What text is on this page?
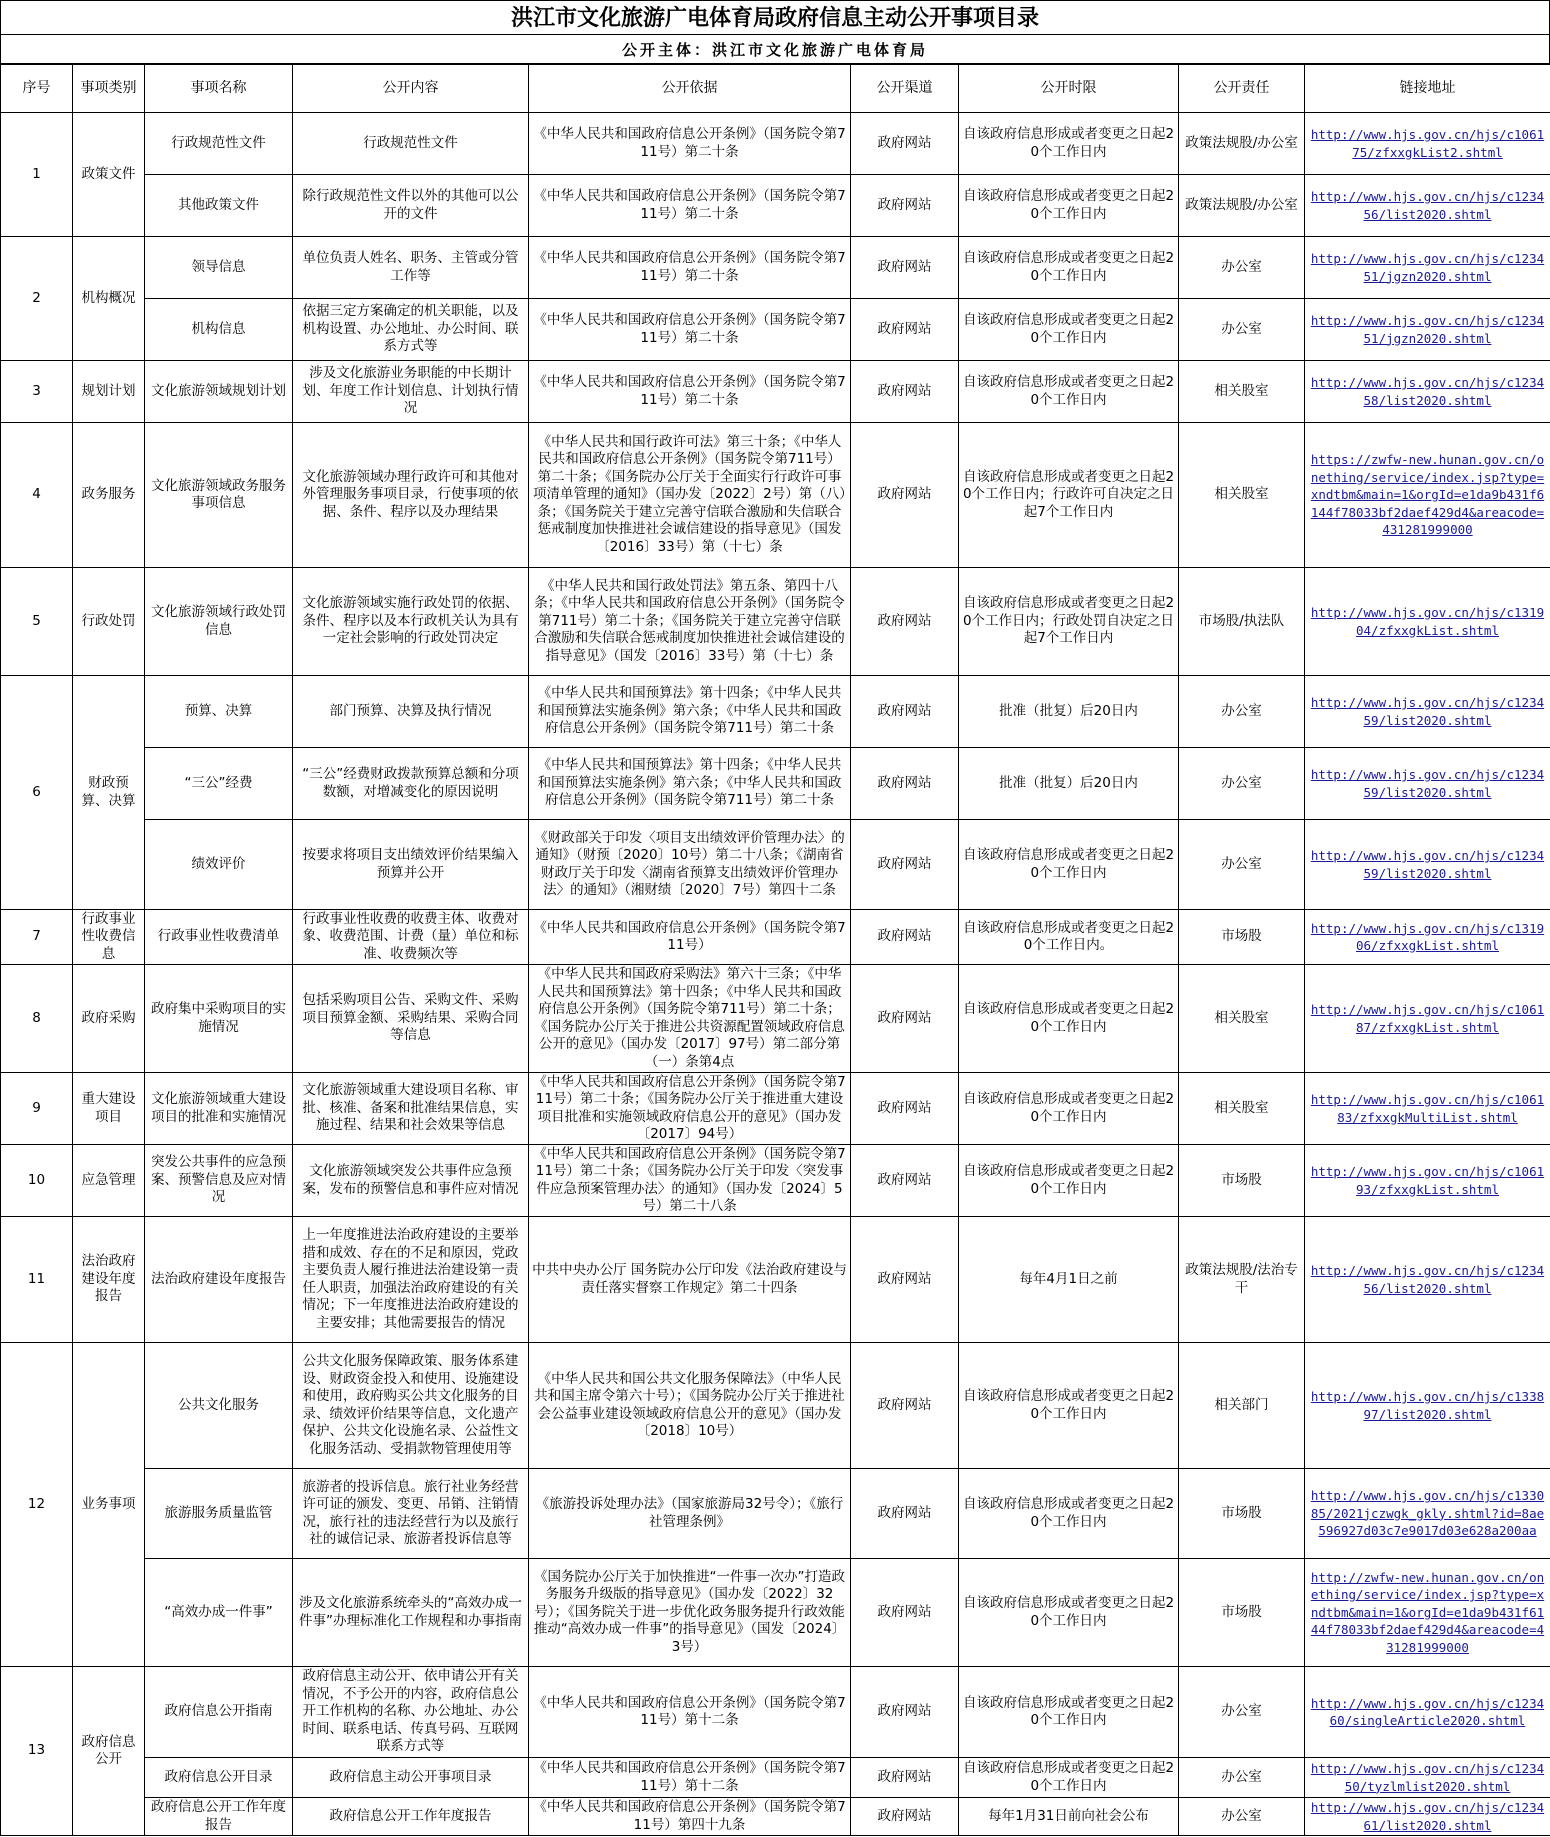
洪江市文化旅游广电体育局政府信息主动公开事项目录
公开主体：洪江市文化旅游广电体育局
序号	事项类别	事项名称	公开内容	公开依据	公开渠道	公开时限	公开责任	链接地址
1	政策文件	行政规范性文件	行政规范性文件	《中华人民共和国政府信息公开条例》（国务院令第711号）第二十条	政府网站	自该政府信息形成或者变更之日起20个工作日内	政策法规股/办公室	http://www.hjs.gov.cn/hjs/c106175/zfxxgkList2.shtml
		其他政策文件	除行政规范性文件以外的其他可以公开的文件	《中华人民共和国政府信息公开条例》（国务院令第711号）第二十条	政府网站	自该政府信息形成或者变更之日起20个工作日内	政策法规股/办公室	http://www.hjs.gov.cn/hjs/c123456/list2020.shtml
2	机构概况	领导信息	单位负责人姓名、职务、主管或分管工作等	《中华人民共和国政府信息公开条例》（国务院令第711号）第二十条	政府网站	自该政府信息形成或者变更之日起20个工作日内	办公室	http://www.hjs.gov.cn/hjs/c123451/jgzn2020.shtml
		机构信息	依据三定方案确定的机关职能，以及机构设置、办公地址、办公时间、联系方式等	《中华人民共和国政府信息公开条例》（国务院令第711号）第二十条	政府网站	自该政府信息形成或者变更之日起20个工作日内	办公室	http://www.hjs.gov.cn/hjs/c123451/jgzn2020.shtml
3	规划计划	文化旅游领域规划计划	涉及文化旅游业务职能的中长期计划、年度工作计划信息、计划执行情况	《中华人民共和国政府信息公开条例》（国务院令第711号）第二十条	政府网站	自该政府信息形成或者变更之日起20个工作日内	相关股室	http://www.hjs.gov.cn/hjs/c123458/list2020.shtml
4	政务服务	文化旅游领域政务服务事项信息	文化旅游领域办理行政许可和其他对外管理服务事项目录，行使事项的依据、条件、程序以及办理结果	《中华人民共和国行政许可法》第三十条；《中华人民共和国政府信息公开条例》（国务院令第711号）第二十条；《国务院办公厅关于全面实行行政许可事项清单管理的通知》（国办发〔2022〕2号）第（八）条；《国务院关于建立完善守信联合激励和失信联合惩戒制度加快推进社会诚信建设的指导意见》（国发〔2016〕33号）第（十七）条	政府网站	自该政府信息形成或者变更之日起20个工作日内；行政许可自决定之日起7个工作日内	相关股室	https://zwfw-new.hunan.gov.cn/onething/service/index.jsp?type=xndtbm&main=1&orgId=e1da9b431f6144f78033bf2daef429d4&areacode=431281999000
5	行政处罚	文化旅游领域行政处罚信息	文化旅游领域实施行政处罚的依据、条件、程序以及本行政机关认为具有一定社会影响的行政处罚决定	《中华人民共和国行政处罚法》第五条、第四十八条；《中华人民共和国政府信息公开条例》（国务院令第711号）第二十条；《国务院关于建立完善守信联合激励和失信联合惩戒制度加快推进社会诚信建设的指导意见》（国发〔2016〕33号）第（十七）条	政府网站	自该政府信息形成或者变更之日起20个工作日内；行政处罚自决定之日起7个工作日内	市场股/执法队	http://www.hjs.gov.cn/hjs/c131904/zfxxgkList.shtml
6	财政预算、决算	预算、决算	部门预算、决算及执行情况	《中华人民共和国预算法》第十四条；《中华人民共和国预算法实施条例》第六条；《中华人民共和国政府信息公开条例》（国务院令第711号）第二十条	政府网站	批准（批复）后20日内	办公室	http://www.hjs.gov.cn/hjs/c123459/list2020.shtml
		“三公”经费	“三公”经费财政拨款预算总额和分项数额，对增减变化的原因说明	《中华人民共和国预算法》第十四条；《中华人民共和国预算法实施条例》第六条；《中华人民共和国政府信息公开条例》（国务院令第711号）第二十条	政府网站	批准（批复）后20日内	办公室	http://www.hjs.gov.cn/hjs/c123459/list2020.shtml
		绩效评价	按要求将项目支出绩效评价结果编入预算并公开	《财政部关于印发〈项目支出绩效评价管理办法〉的通知》（财预〔2020〕10号）第二十八条；《湖南省财政厅关于印发〈湖南省预算支出绩效评价管理办法〉的通知》（湘财绩〔2020〕7号）第四十二条	政府网站	自该政府信息形成或者变更之日起20个工作日内	办公室	http://www.hjs.gov.cn/hjs/c123459/list2020.shtml
7	行政事业性收费信息	行政事业性收费清单	行政事业性收费的收费主体、收费对象、收费范围、计费（量）单位和标准、收费频次等	《中华人民共和国政府信息公开条例》（国务院令第711号）	政府网站	自该政府信息形成或者变更之日起20个工作日内。	市场股	http://www.hjs.gov.cn/hjs/c131906/zfxxgkList.shtml
8	政府采购	政府集中采购项目的实施情况	包括采购项目公告、采购文件、采购项目预算金额、采购结果、采购合同等信息	《中华人民共和国政府采购法》第六十三条；《中华人民共和国预算法》第十四条；《中华人民共和国政府信息公开条例》（国务院令第711号）第二十条；《国务院办公厅关于推进公共资源配置领域政府信息公开的意见》（国办发〔2017〕97号）第二部分第（一）条第4点	政府网站	自该政府信息形成或者变更之日起20个工作日内	相关股室	http://www.hjs.gov.cn/hjs/c106187/zfxxgkList.shtml
9	重大建设项目	文化旅游领域重大建设项目的批准和实施情况	文化旅游领域重大建设项目名称、审批、核准、备案和批准结果信息，实施过程、结果和社会效果等信息	《中华人民共和国政府信息公开条例》（国务院令第711号）第二十条；《国务院办公厅关于推进重大建设项目批准和实施领域政府信息公开的意见》（国办发〔2017〕94号）	政府网站	自该政府信息形成或者变更之日起20个工作日内	相关股室	http://www.hjs.gov.cn/hjs/c106183/zfxxgkMultiList.shtml
10	应急管理	突发公共事件的应急预案、预警信息及应对情况	文化旅游领域突发公共事件应急预案，发布的预警信息和事件应对情况	《中华人民共和国政府信息公开条例》（国务院令第711号）第二十条；《国务院办公厅关于印发〈突发事件应急预案管理办法〉的通知》（国办发〔2024〕5号）第二十八条	政府网站	自该政府信息形成或者变更之日起20个工作日内	市场股	http://www.hjs.gov.cn/hjs/c106193/zfxxgkList.shtml
11	法治政府建设年度报告	法治政府建设年度报告	上一年度推进法治政府建设的主要举措和成效、存在的不足和原因，党政主要负责人履行推进法治建设第一责任人职责，加强法治政府建设的有关情况；下一年度推进法治政府建设的主要安排；其他需要报告的情况	中共中央办公厅 国务院办公厅印发《法治政府建设与责任落实督察工作规定》第二十四条	政府网站	每年4月1日之前	政策法规股/法治专干	http://www.hjs.gov.cn/hjs/c123456/list2020.shtml
12	业务事项	公共文化服务	公共文化服务保障政策、服务体系建设、财政资金投入和使用、设施建设和使用，政府购买公共文化服务的目录、绩效评价结果等信息，文化遗产保护、公共文化设施名录、公益性文化服务活动、受捐款物管理使用等	《中华人民共和国公共文化服务保障法》（中华人民共和国主席令第六十号）；《国务院办公厅关于推进社会公益事业建设领域政府信息公开的意见》（国办发〔2018〕10号）	政府网站	自该政府信息形成或者变更之日起20个工作日内	相关部门	http://www.hjs.gov.cn/hjs/c133897/list2020.shtml
		旅游服务质量监管	旅游者的投诉信息。旅行社业务经营许可证的颁发、变更、吊销、注销情况，旅行社的违法经营行为以及旅行社的诚信记录、旅游者投诉信息等	《旅游投诉处理办法》（国家旅游局32号令）；《旅行社管理条例》	政府网站	自该政府信息形成或者变更之日起20个工作日内	市场股	http://www.hjs.gov.cn/hjs/c133085/2021jczwgk_gkly.shtml?id=8ae596927d03c7e9017d03e628a200aa
		“高效办成一件事”	涉及文化旅游系统牵头的“高效办成一件事”办理标准化工作规程和办事指南	《国务院办公厅关于加快推进“一件事一次办”打造政务服务升级版的指导意见》（国办发〔2022〕32号）；《国务院关于进一步优化政务服务提升行政效能推动“高效办成一件事”的指导意见》（国发〔2024〕3号）	政府网站	自该政府信息形成或者变更之日起20个工作日内	市场股	http://zwfw-new.hunan.gov.cn/onething/service/index.jsp?type=xndtbm&main=1&orgId=e1da9b431f6144f78033bf2daef429d4&areacode=431281999000
13	政府信息公开	政府信息公开指南	政府信息主动公开、依申请公开有关情况，不予公开的内容，政府信息公开工作机构的名称、办公地址、办公时间、联系电话、传真号码、互联网联系方式等	《中华人民共和国政府信息公开条例》（国务院令第711号）第十二条	政府网站	自该政府信息形成或者变更之日起20个工作日内	办公室	http://www.hjs.gov.cn/hjs/c123460/singleArticle2020.shtml
		政府信息公开目录	政府信息主动公开事项目录	《中华人民共和国政府信息公开条例》（国务院令第711号）第十二条	政府网站	自该政府信息形成或者变更之日起20个工作日内	办公室	http://www.hjs.gov.cn/hjs/c123450/tyzlmlist2020.shtml
		政府信息公开工作年度报告	政府信息公开工作年度报告	《中华人民共和国政府信息公开条例》（国务院令第711号）第四十九条	政府网站	每年1月31日前向社会公布	办公室	http://www.hjs.gov.cn/hjs/c123461/list2020.shtml
